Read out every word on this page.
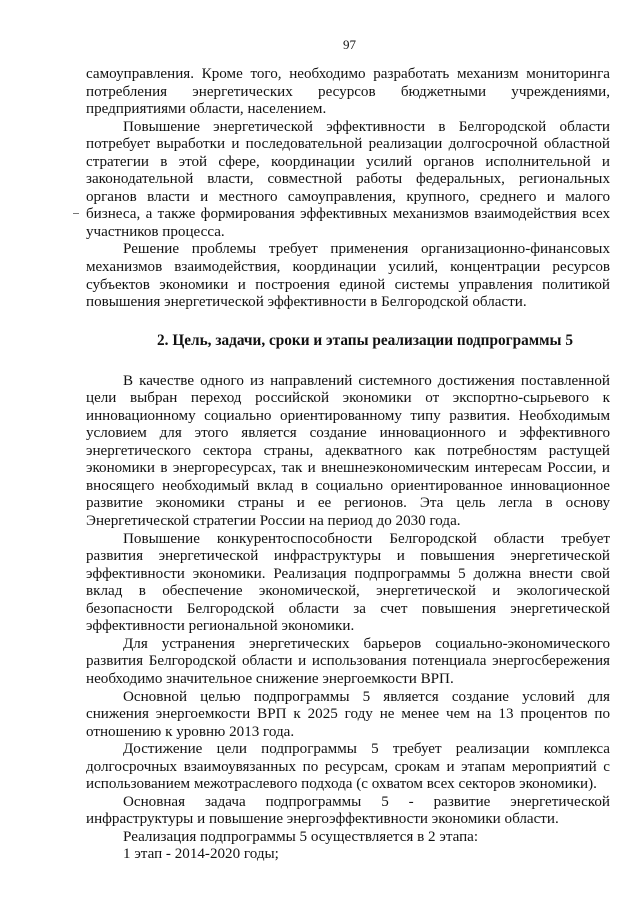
97

самоуправления. Кроме того, необходимо разработать механизм мониторинга потребления энергетических ресурсов бюджетными учреждениями, предприятиями области, населением.

Повышение энергетической эффективности в Белгородской области потребует выработки и последовательной реализации долгосрочной областной стратегии в этой сфере, координации усилий органов исполнительной и законодательной власти, совместной работы федеральных, региональных органов власти и местного самоуправления, крупного, среднего и малого бизнеса, а также формирования эффективных механизмов взаимодействия всех участников процесса.

Решение проблемы требует применения организационно-финансовых механизмов взаимодействия, координации усилий, концентрации ресурсов субъектов экономики и построения единой системы управления политикой повышения энергетической эффективности в Белгородской области.

2. Цель, задачи, сроки и этапы реализации подпрограммы 5

В качестве одного из направлений системного достижения поставленной цели выбран переход российской экономики от экспортно-сырьевого к инновационному социально ориентированному типу развития. Необходимым условием для этого является создание инновационного и эффективного энергетического сектора страны, адекватного как потребностям растущей экономики в энергоресурсах, так и внешнеэкономическим интересам России, и вносящего необходимый вклад в социально ориентированное инновационное развитие экономики страны и ее регионов. Эта цель легла в основу Энергетической стратегии России на период до 2030 года.

Повышение конкурентоспособности Белгородской области требует развития энергетической инфраструктуры и повышения энергетической эффективности экономики. Реализация подпрограммы 5 должна внести свой вклад в обеспечение экономической, энергетической и экологической безопасности Белгородской области за счет повышения энергетической эффективности региональной экономики.

Для устранения энергетических барьеров социально-экономического развития Белгородской области и использования потенциала энергосбережения необходимо значительное снижение энергоемкости ВРП.

Основной целью подпрограммы 5 является создание условий для снижения энергоемкости ВРП к 2025 году не менее чем на 13 процентов по отношению к уровню 2013 года.

Достижение цели подпрограммы 5 требует реализации комплекса долгосрочных взаимоувязанных по ресурсам, срокам и этапам мероприятий с использованием межотраслевого подхода (с охватом всех секторов экономики).

Основная задача подпрограммы 5 - развитие энергетической инфраструктуры и повышение энергоэффективности экономики области.

Реализация подпрограммы 5 осуществляется в 2 этапа:

1 этап - 2014-2020 годы;
